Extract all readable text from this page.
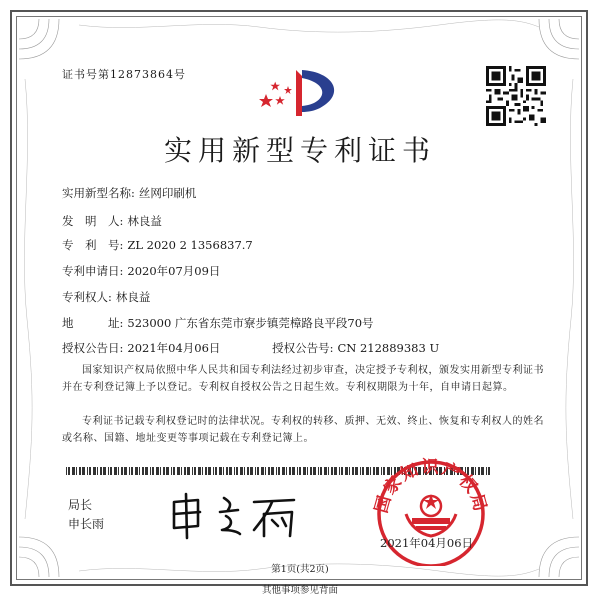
证书号第12873864号
实用新型专利证书
实用新型名称: 丝网印刷机
发　明　人: 林良益
专　利　号: ZL 2020 2 1356837.7
专利申请日: 2020年07月09日
专利权人: 林良益
地　　　址: 523000 广东省东莞市寮步镇莞樟路良平段70号
授权公告日: 2021年04月06日	授权公告号: CN 212889383 U
国家知识产权局依照中华人民共和国专利法经过初步审查，决定授予专利权，颁发实用新型专利证书并在专利登记簿上予以登记。专利权自授权公告之日起生效。专利权期限为十年，自申请日起算。
专利证书记载专利权登记时的法律状况。专利权的转移、质押、无效、终止、恢复和专利权人的姓名或名称、国籍、地址变更等事项记载在专利登记簿上。
局长
申长雨
国家知识产权局
2021年04月06日
第1页(共2页)
其他事项参见背面
